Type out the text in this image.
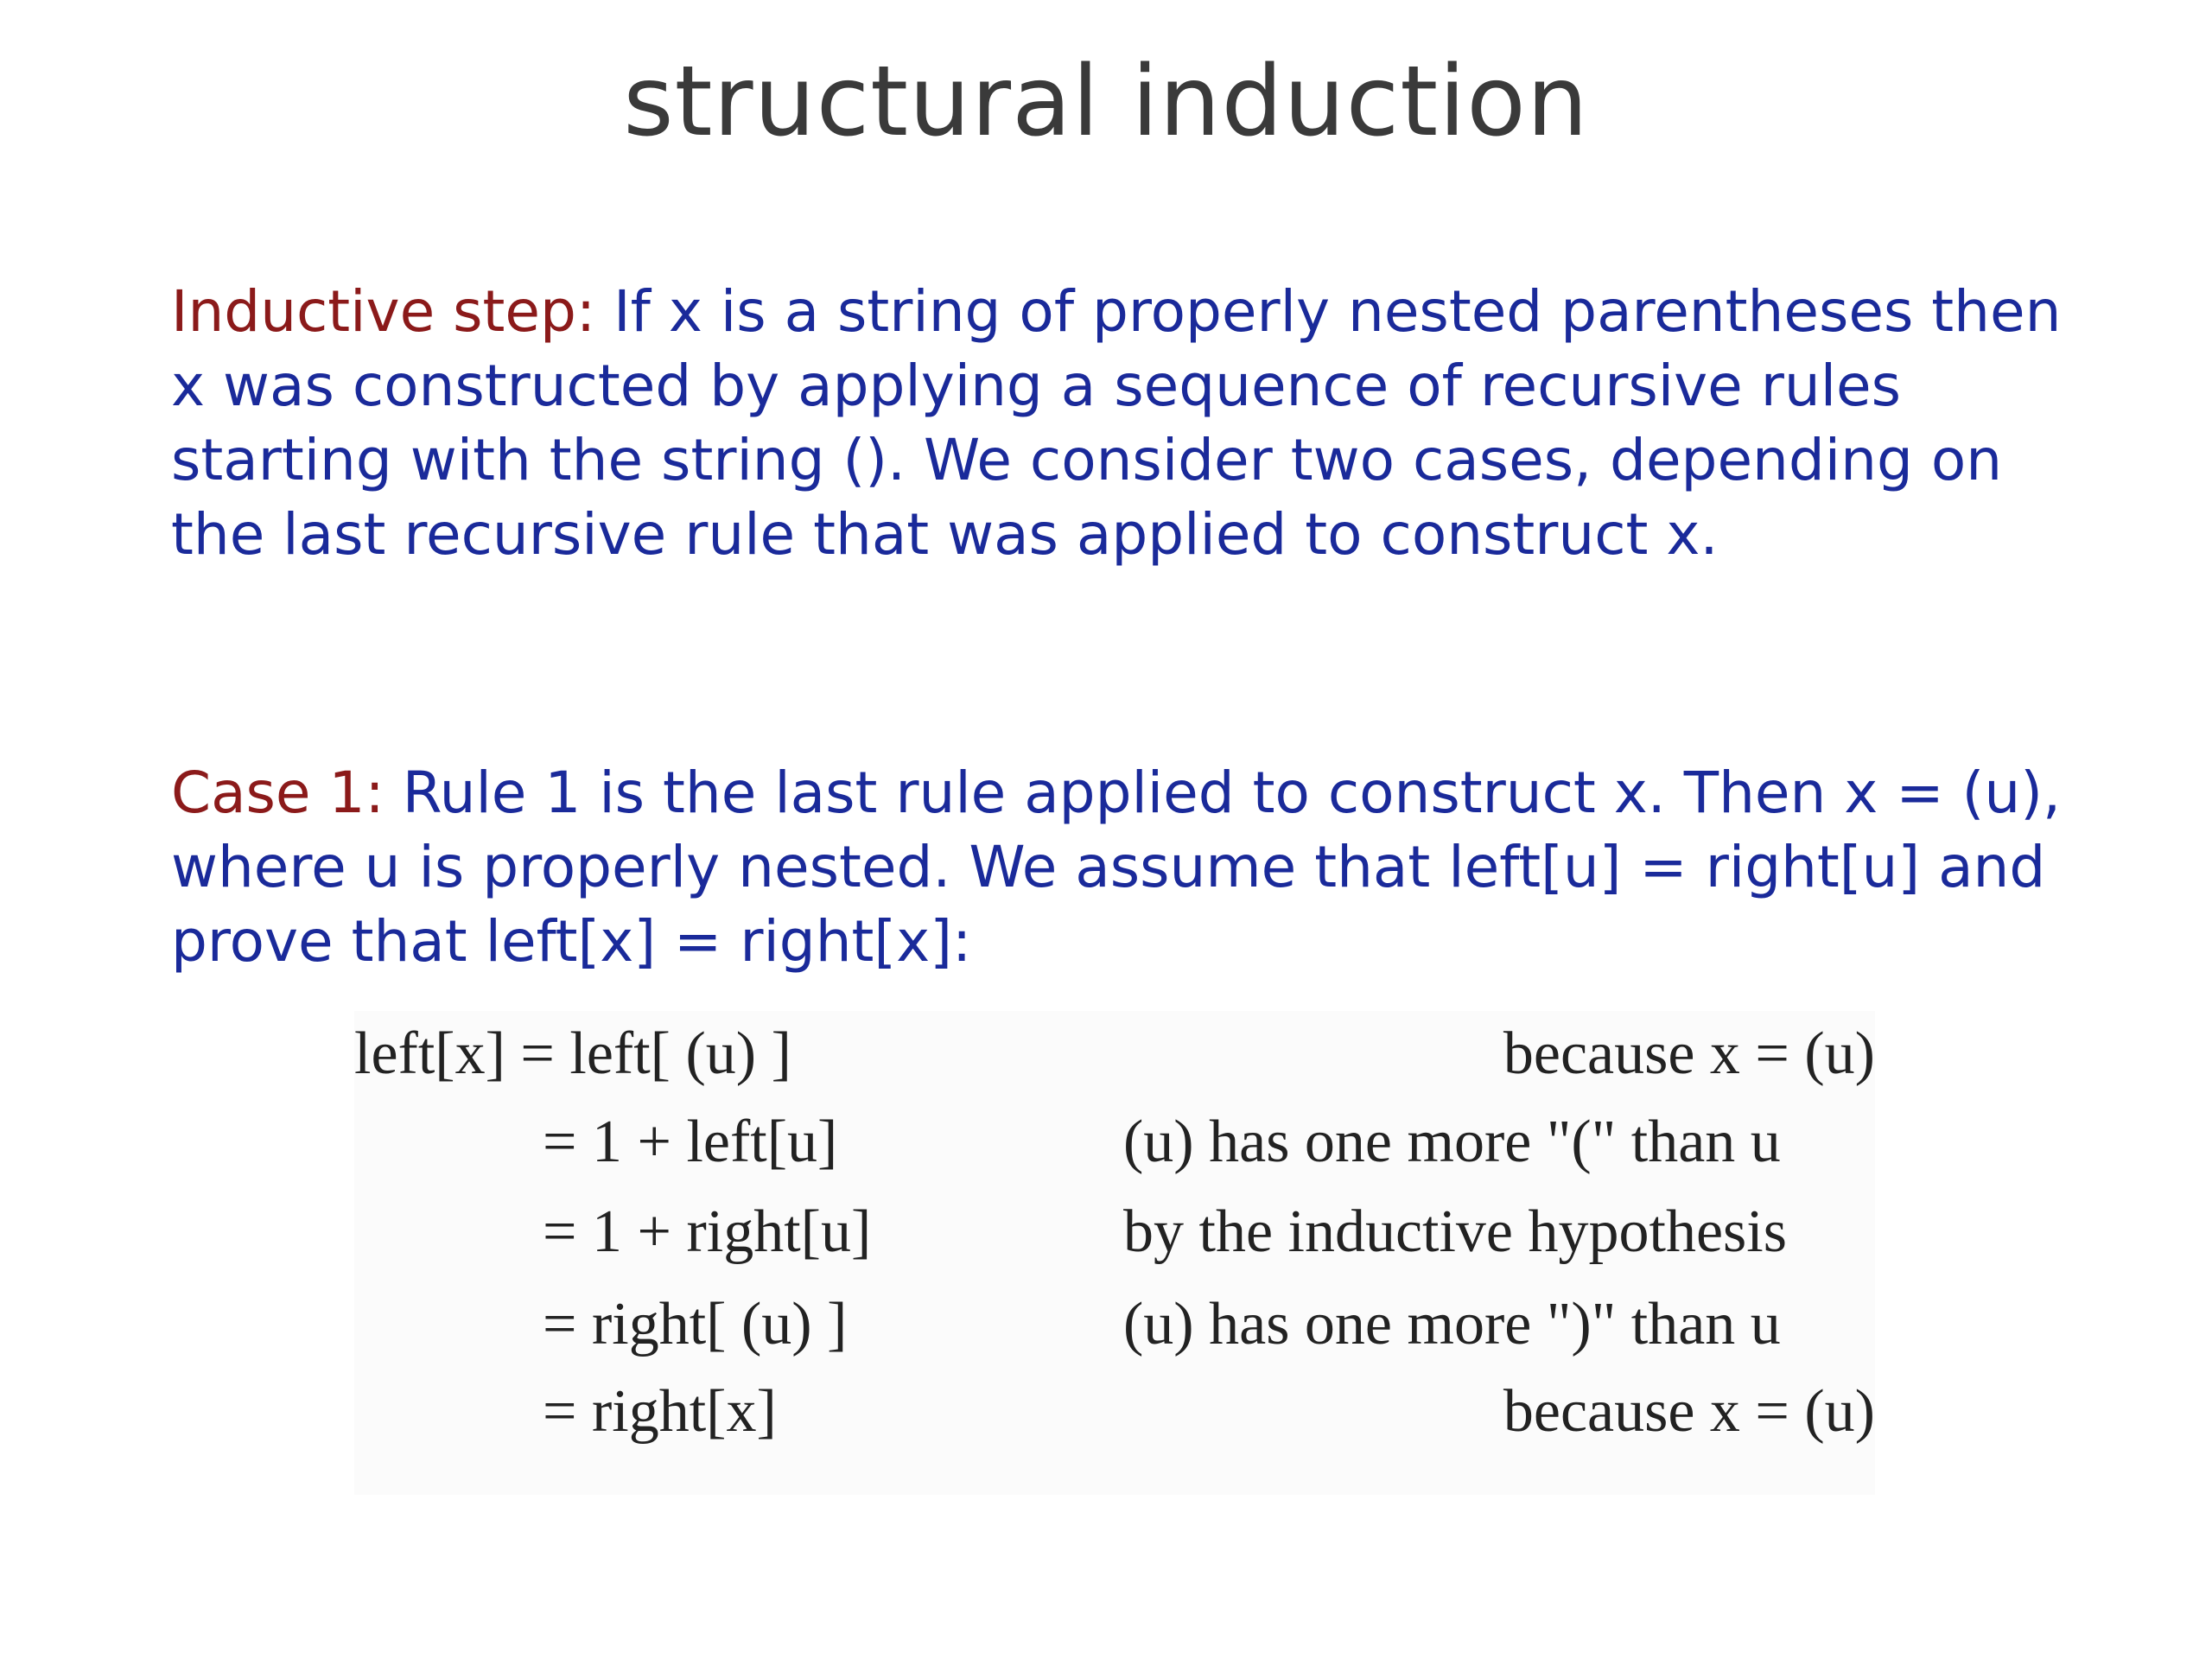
structural induction
Inductive step: If x is a string of properly nested parentheses then x was constructed by applying a sequence of recursive rules starting with the string (). We consider two cases, depending on the last recursive rule that was applied to construct x.
Case 1: Rule 1 is the last rule applied to construct x. Then x = (u), where u is properly nested. We assume that left[u] = right[u] and prove that left[x] = right[x]:
left[x] = left[ (u) ]	because x = (u)
= 1 + left[u]	(u) has one more "(" than u
= 1 + right[u]	by the inductive hypothesis
= right[ (u) ]	(u) has one more ")" than u
= right[x]	because x = (u)
